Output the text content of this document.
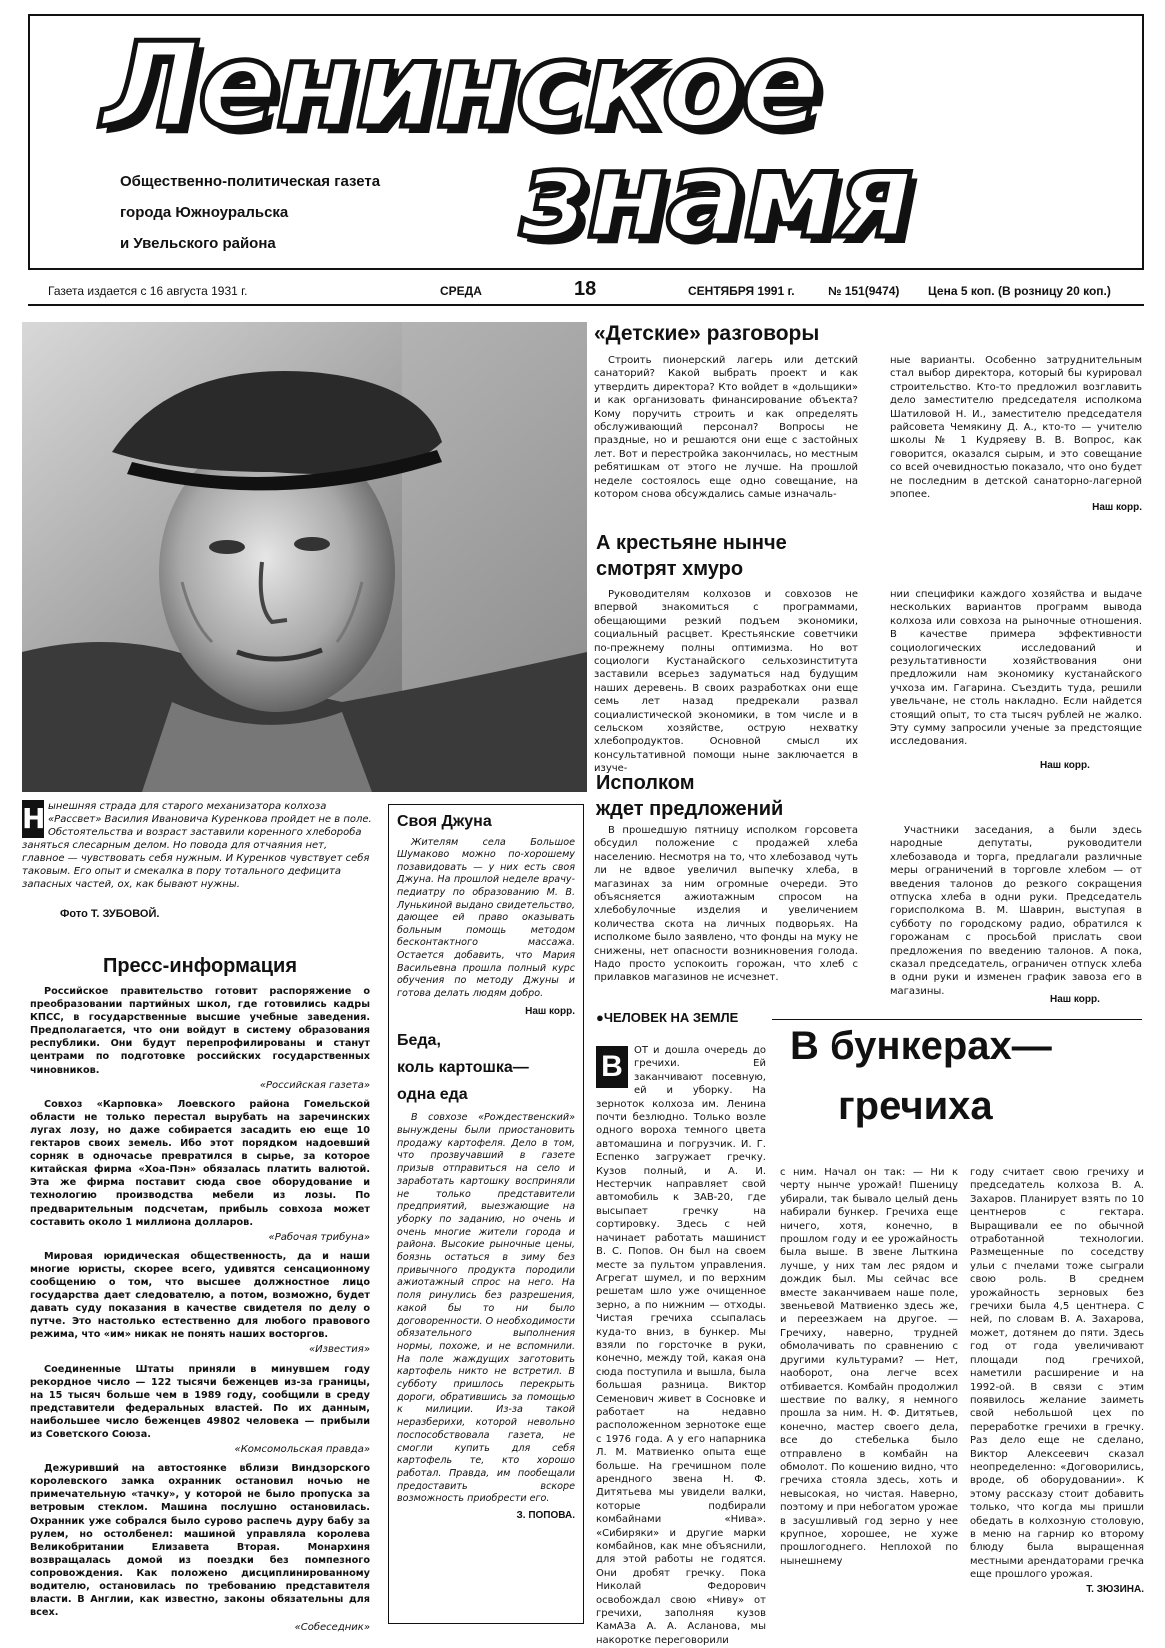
Ленинское
знамя
Общественно-политическая газета
города Южноуральска
и Увельского района
Газета издается с 16 августа 1931 г.	СРЕДА	18	СЕНТЯБРЯ 1991 г.	№ 151(9474) Цена 5 коп. (В розницу 20 коп.)
Н ынешняя страда для старого механизатора колхоза «Рассвет» Василия Ивановича Куренкова пройдет не в поле. Обстоятельства и возраст заставили коренного хлебороба заняться слесарным делом. Но повода для отчаяния нет, главное — чувствовать себя нужным. И Куренков чувствует себя таковым. Его опыт и смекалка в пору тотального дефицита запасных частей, ох, как бывают нужны.
Фото Т. ЗУБОВОЙ.
Пресс-информация

Российское правительство готовит распоряжение о преобразовании партийных школ, где готовились кадры КПСС, в государственные высшие учебные заведения. Предполагается, что они войдут в систему образования республики. Они будут перепрофилированы и станут центрами по подготовке российских государственных чиновников.

«Российская газета»

Совхоз «Карповка» Лоевского района Гомельской области не только перестал вырубать на заречинских лугах лозу, но даже собирается засадить ею еще 10 гектаров своих земель. Ибо этот порядком надоевший сорняк в одночасье превратился в сырье, за которое китайская фирма «Хоа-Пэн» обязалась платить валютой. Эта же фирма поставит сюда свое оборудование и технологию производства мебели из лозы. По предварительным подсчетам, прибыль совхоза может составить около 1 миллиона долларов.

«Рабочая трибуна»

Мировая юридическая общественность, да и наши многие юристы, скорее всего, удивятся сенсационному сообщению о том, что высшее должностное лицо государства дает следователю, а потом, возможно, будет давать суду показания в качестве свидетеля по делу о путче. Это настолько естественно для любого правового режима, что «им» никак не понять наших восторгов.

«Известия»

Соединенные Штаты приняли в минувшем году рекордное число — 122 тысячи беженцев из-за границы, на 15 тысяч больше чем в 1989 году, сообщили в среду представители федеральных властей. По их данным, наибольшее число беженцев 49802 человека — прибыли из Советского Союза.

«Комсомольская правда»

Дежуривший на автостоянке вблизи Виндзорского королевского замка охранник остановил ночью не примечательную «тачку», у которой не было пропуска за ветровым стеклом. Машина послушно остановилась. Охранник уже собрался было сурово распечь дуру бабу за рулем, но остолбенел: машиной управляла королева Великобритании Елизавета Вторая. Монархиня возвращалась домой из поездки без помпезного сопровождения. Как положено дисциплинированному водителю, остановилась по требованию представителя власти. В Англии, как известно, законы обязательны для всех.

«Собеседник»
Своя Джуна

Жителям села Большое Шумаково можно по-хорошему позавидовать — у них есть своя Джуна. На прошлой неделе врачу-педиатру по образованию М. В. Лунькиной выдано свидетельство, дающее ей право оказывать больным помощь методом бесконтактного массажа. Остается добавить, что Мария Васильевна прошла полный курс обучения по методу Джуны и готова делать людям добро.

Наш корр.
Беда,
коль картошка—
одна еда

В совхозе «Рождественский» вынуждены были приостановить продажу картофеля. Дело в том, что прозвучавший в газете призыв отправиться на село и заработать картошку восприняли не только представители предприятий, выезжающие на уборку по заданию, но очень и очень многие жители города и района. Высокие рыночные цены, боязнь остаться в зиму без привычного продукта породили ажиотажный спрос на него. На поля ринулись без разрешения, какой бы то ни было договоренности. О необходимости обязательного выполнения нормы, похоже, и не вспомнили. На поле жаждущих заготовить картофель никто не встретил. В субботу пришлось перекрыть дороги, обратившись за помощью к милиции. Из-за такой неразберихи, которой невольно поспособствовала газета, не смогли купить для себя картофель те, кто хорошо работал. Правда, им пообещали предоставить вскоре возможность приобрести его.

З. ПОПОВА.
«Детские» разговоры

Строить пионерский лагерь или детский санаторий? Какой выбрать проект и как утвердить директора? Кто войдет в «дольщики» и как организовать финансирование объекта? Кому поручить строить и как определять обслуживающий персонал? Вопросы не праздные, но и решаются они еще с застойных лет. Вот и перестройка закончилась, но местным ребятишкам от этого не лучше. На прошлой неделе состоялось еще одно совещание, на котором снова обсуждались самые изначаль-

ные варианты. Особенно затруднительным стал выбор директора, который бы курировал строительство. Кто-то предложил возглавить дело заместителю председателя исполкома Шатиловой Н. И., заместителю председателя райсовета Чемякину Д. А., кто-то — учителю школы № 1 Кудряеву В. В. Вопрос, как говорится, оказался сырым, и это совещание со всей очевидностью показало, что оно будет не последним в детской санаторно-лагерной эпопее.

Наш корр.
А крестьяне нынче
смотрят хмуро

Руководителям колхозов и совхозов не впервой знакомиться с программами, обещающими резкий подъем экономики, социальный расцвет. Крестьянские советчики по-прежнему полны оптимизма. Но вот социологи Кустанайского сельхозинститута заставили всерьез задуматься над будущим наших деревень. В своих разработках они еще семь лет назад предрекали развал социалистической экономики, в том числе и в сельском хозяйстве, острую нехватку хлебопродуктов. Основной смысл их консультативной помощи ныне заключается в изуче-

нии специфики каждого хозяйства и выдаче нескольких вариантов программ вывода колхоза или совхоза на рыночные отношения. В качестве примера эффективности социологических исследований и результативности хозяйствования они предложили нам экономику кустанайского учхоза им. Гагарина. Съездить туда, решили увельчане, не столь накладно. Если найдется стоящий опыт, то ста тысяч рублей не жалко. Эту сумму запросили ученые за предстоящие исследования.

Наш корр.
Исполком
ждет предложений

В прошедшую пятницу исполком горсовета обсудил положение с продажей хлеба населению. Несмотря на то, что хлебозавод чуть ли не вдвое увеличил выпечку хлеба, в магазинах за ним огромные очереди. Это объясняется ажиотажным спросом на хлебобулочные изделия и увеличением количества скота на личных подворьях. На исполкоме было заявлено, что фонды на муку не снижены, нет опасности возникновения голода. Надо просто успокоить горожан, что хлеб с прилавков магазинов не исчезнет.

Участники заседания, а были здесь народные депутаты, руководители хлебозавода и торга, предлагали различные меры ограничений в торговле хлебом — от введения талонов до резкого сокращения отпуска хлеба в одни руки. Председатель горисполкома В. М. Шаврин, выступая в субботу по городскому радио, обратился к горожанам с просьбой прислать свои предложения по введению талонов. А пока, сказал председатель, ограничен отпуск хлеба в одни руки и изменен график завоза его в магазины.

Наш корр.
●ЧЕЛОВЕК НА ЗЕМЛЕ
В бункерах—
гречиха
В	ОТ и дошла очередь до гречихи. Ей заканчивают посевную, ей и уборку. На зерноток колхоза им. Ленина почти безлюдно. Только возле одного вороха темного цвета автомашина и погрузчик. И. Г. Еспенко загружает гречку. Кузов полный, и А. И. Нестерчик направляет свой автомобиль к ЗАВ-20, где высыпает гречку на сортировку. Здесь с ней начинает работать машинист В. С. Попов. Он был на своем месте за пультом управления. Агрегат шумел, и по верхним решетам шло уже очищенное зерно, а по нижним — отходы. Чистая гречиха ссыпалась куда-то вниз, в бункер. Мы взяли по горсточке в руки, конечно, между той, какая она сюда поступила и вышла, была большая разница. Виктор Семенович живет в Сосновке и работает на недавно расположенном зернотоке еще с 1976 года. А у его напарника Л. М. Матвиенко опыта еще больше. На гречишном поле арендного звена Н. Ф. Дитятьева мы увидели валки, которые подбирали комбайнами «Нива». «Сибиряки» и другие марки комбайнов, как мне объяснили, для этой работы не годятся. Они дробят гречку. Пока Николай Федорович освобождал свою «Ниву» от гречихи, заполняя кузов КамАЗа А. А. Асланова, мы накоротке переговорили
с ним. Начал он так: — Ни к черту нынче урожай! Пшеницу убирали, так бывало целый день набирали бункер. Гречиха еще ничего, хотя, конечно, в прошлом году и ее урожайность была выше. В звене Лыткина лучше, у них там лес рядом и дождик был. Мы сейчас все вместе заканчиваем наше поле, звеньевой Матвиенко здесь же, и переезжаем на другое. — Гречиху, наверно, трудней обмолачивать по сравнению с другими культурами? — Нет, наоборот, она легче всех отбивается. Комбайн продолжил шествие по валку, я немного прошла за ним. Н. Ф. Дитятьев, конечно, мастер своего дела, все до стебелька было отправлено в комбайн на обмолот. По кошению видно, что гречиха стояла здесь, хоть и невысокая, но чистая. Наверно, поэтому и при небогатом урожае в засушливый год зерно у нее крупное, хорошее, не хуже прошлогоднего. Неплохой по нынешнему
году считает свою гречиху и председатель колхоза В. А. Захаров. Планирует взять по 10 центнеров с гектара. Выращивали ее по обычной отработанной технологии. Размещенные по соседству ульи с пчелами тоже сыграли свою роль. В среднем урожайность зерновых без гречихи была 4,5 центнера. С ней, по словам В. А. Захарова, может, дотянем до пяти. Здесь год от года увеличивают площади под гречихой, наметили расширение и на 1992-ой. В связи с этим появилось желание заиметь свой небольшой цех по переработке гречихи в гречку. Раз дело еще не сделано, Виктор Алексеевич сказал неопределенно: «Договорились, вроде, об оборудовании». К этому рассказу стоит добавить только, что когда мы пришли обедать в колхозную столовую, в меню на гарнир ко второму блюду была выращенная местными арендаторами гречка еще прошлого урожая.
Т. ЗЮЗИНА.
